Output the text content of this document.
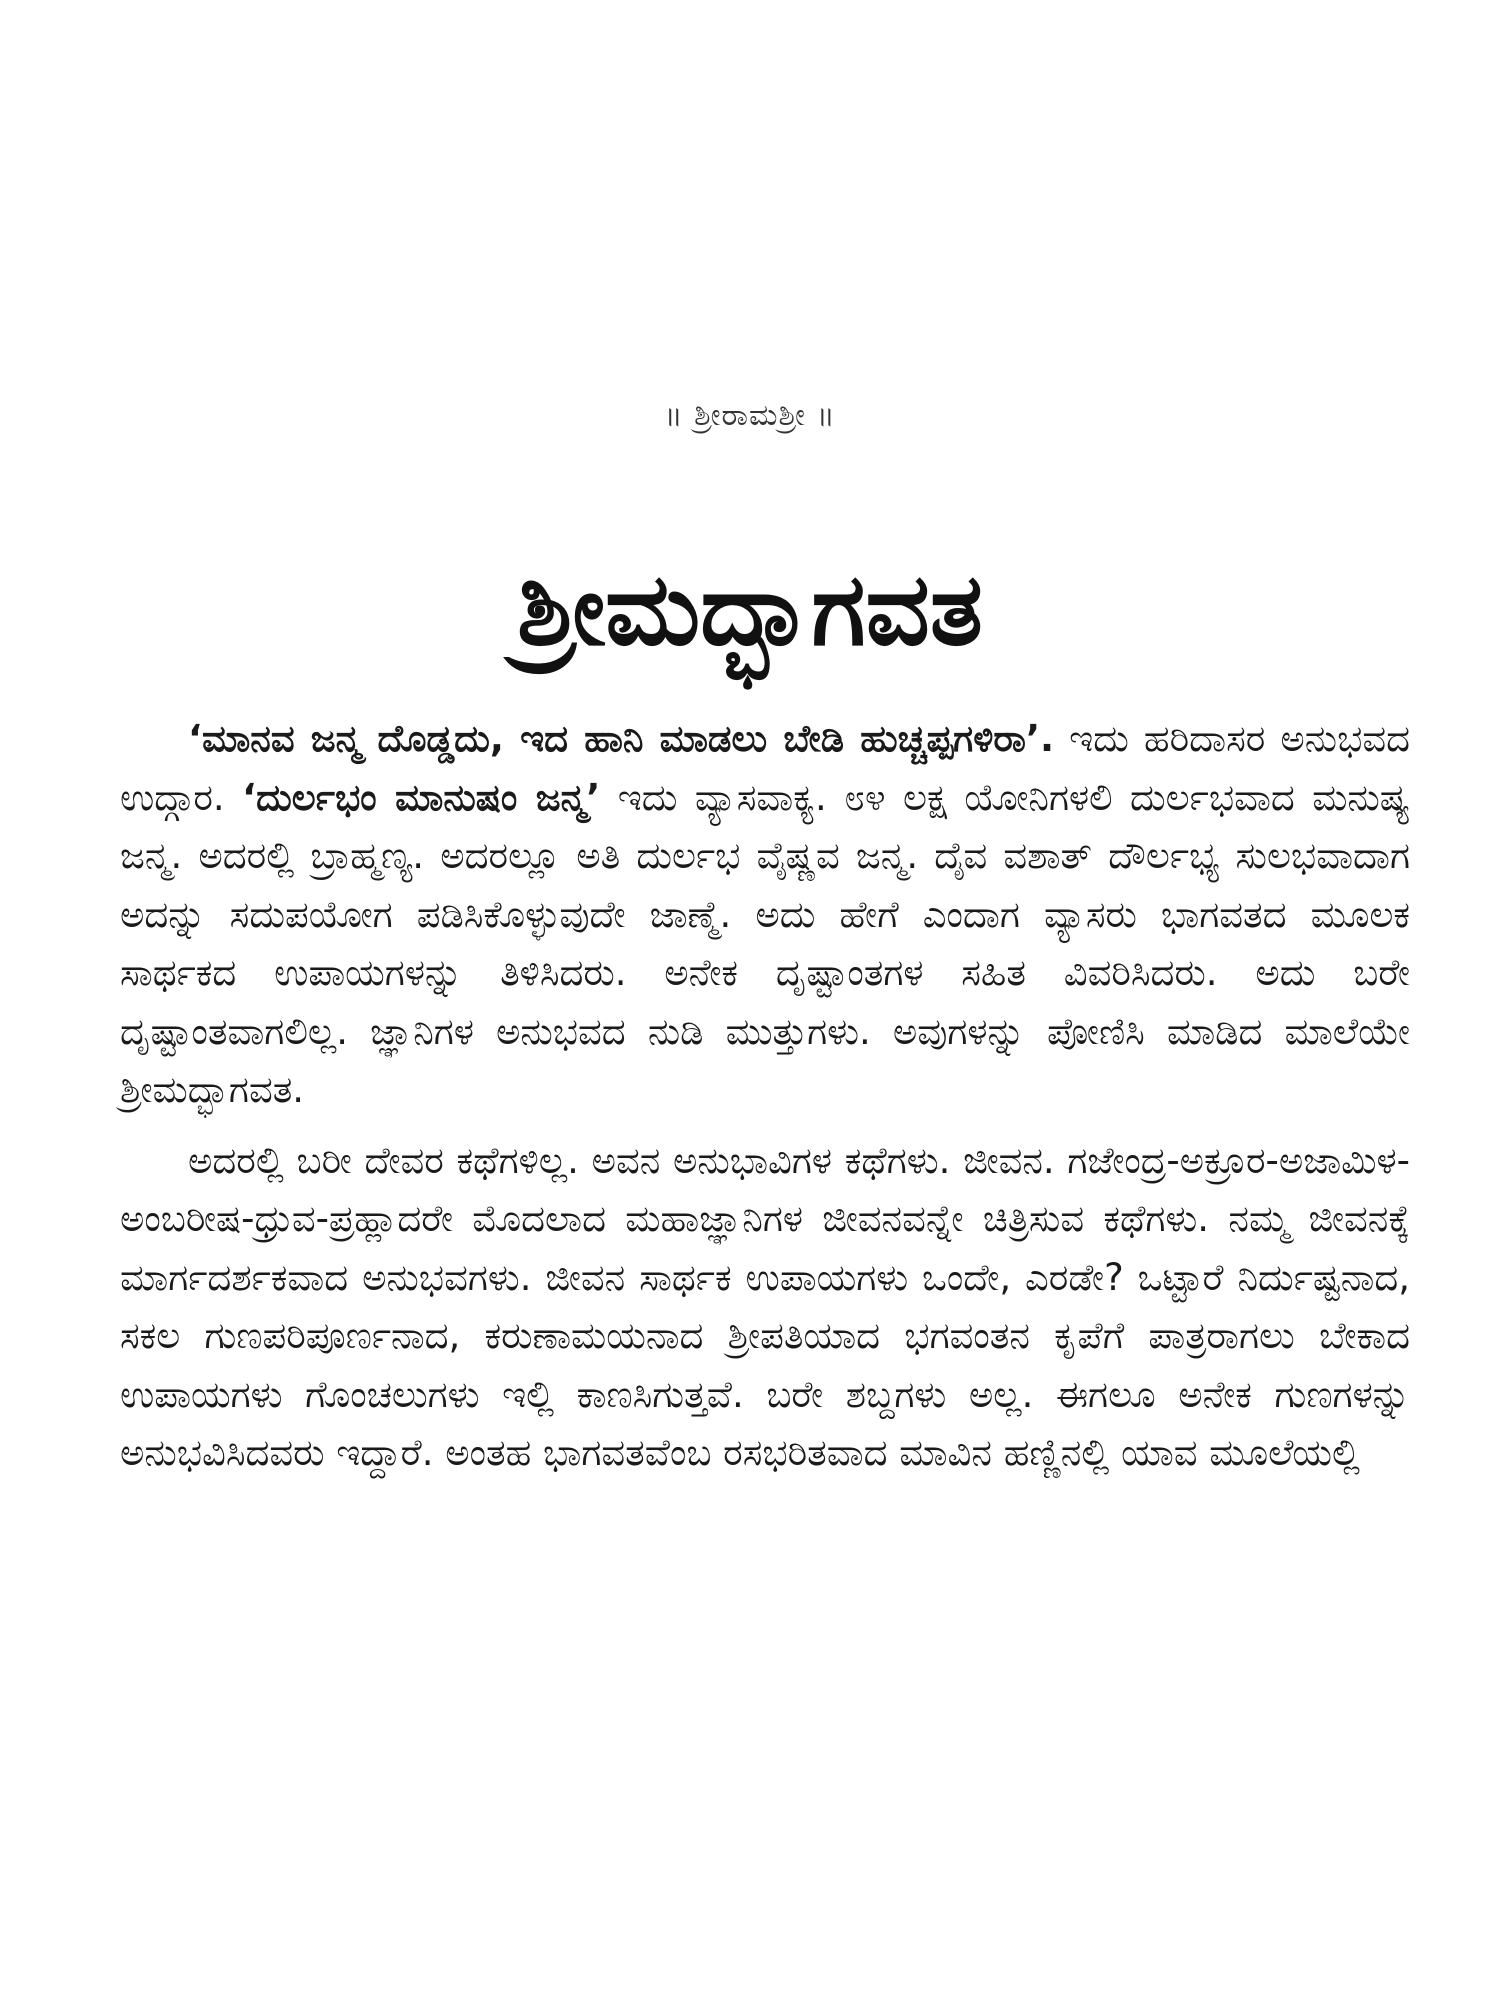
॥ ಶ್ರೀರಾಮಶ್ರೀ ॥
ಶ್ರೀಮದ್ಭಾಗವತ

‘ಮಾನವ ಜನ್ಮ ದೊಡ್ಡದು, ಇದ ಹಾನಿ ಮಾಡಲು ಬೇಡಿ ಹುಚ್ಚಪ್ಪಗಳಿರಾ’. ಇದು ಹರಿದಾಸರ ಅನುಭವದ ಉದ್ಗಾರ. ‘ದುರ್ಲಭಂ ಮಾನುಷಂ ಜನ್ಮ’ ಇದು ವ್ಯಾಸವಾಕ್ಯ. ೮೪ ಲಕ್ಷ ಯೋನಿಗಳಲಿ ದುರ್ಲಭವಾದ ಮನುಷ್ಯ ಜನ್ಮ. ಅದರಲ್ಲಿ ಬ್ರಾಹ್ಮಣ್ಯ. ಅದರಲ್ಲೂ ಅತಿ ದುರ್ಲಭ ವೈಷ್ಣವ ಜನ್ಮ. ದೈವ ವಶಾತ್ ದೌರ್ಲಭ್ಯ ಸುಲಭವಾದಾಗ ಅದನ್ನು ಸದುಪಯೋಗ ಪಡಿಸಿಕೊಳ್ಳುವುದೇ ಜಾಣ್ಮೆ. ಅದು ಹೇಗೆ ಎಂದಾಗ ವ್ಯಾಸರು ಭಾಗವತದ ಮೂಲಕ ಸಾರ್ಥಕದ ಉಪಾಯಗಳನ್ನು ತಿಳಿಸಿದರು. ಅನೇಕ ದೃಷ್ಟಾಂತಗಳ ಸಹಿತ ವಿವರಿಸಿದರು. ಅದು ಬರೇ ದೃಷ್ಟಾಂತವಾಗಲಿಲ್ಲ. ಜ್ಞಾನಿಗಳ ಅನುಭವದ ನುಡಿ ಮುತ್ತುಗಳು. ಅವುಗಳನ್ನು ಪೋಣಿಸಿ ಮಾಡಿದ ಮಾಲೆಯೇ ಶ್ರೀಮದ್ಭಾಗವತ.

ಅದರಲ್ಲಿ ಬರೀ ದೇವರ ಕಥೆಗಳಿಲ್ಲ. ಅವನ ಅನುಭಾವಿಗಳ ಕಥೆಗಳು. ಜೀವನ. ಗಜೇಂದ್ರ-ಅಕ್ರೂರ-ಅಜಾಮಿಳ-ಅಂಬರೀಷ-ಧ್ರುವ-ಪ್ರಹ್ಲಾದರೇ ಮೊದಲಾದ ಮಹಾಜ್ಞಾನಿಗಳ ಜೀವನವನ್ನೇ ಚಿತ್ರಿಸುವ ಕಥೆಗಳು. ನಮ್ಮ ಜೀವನಕ್ಕೆ ಮಾರ್ಗದರ್ಶಕವಾದ ಅನುಭವಗಳು. ಜೀವನ ಸಾರ್ಥಕ ಉಪಾಯಗಳು ಒಂದೇ, ಎರಡೇ? ಒಟ್ಟಾರೆ ನಿರ್ದುಷ್ಟನಾದ, ಸಕಲ ಗುಣಪರಿಪೂರ್ಣನಾದ, ಕರುಣಾಮಯನಾದ ಶ್ರೀಪತಿಯಾದ ಭಗವಂತನ ಕೃಪೆಗೆ ಪಾತ್ರರಾಗಲು ಬೇಕಾದ ಉಪಾಯಗಳು ಗೊಂಚಲುಗಳು ಇಲ್ಲಿ ಕಾಣಸಿಗುತ್ತವೆ. ಬರೇ ಶಬ್ದಗಳು ಅಲ್ಲ. ಈಗಲೂ ಅನೇಕ ಗುಣಗಳನ್ನು ಅನುಭವಿಸಿದವರು ಇದ್ದಾರೆ. ಅಂತಹ ಭಾಗವತವೆಂಬ ರಸಭರಿತವಾದ ಮಾವಿನ ಹಣ್ಣಿನಲ್ಲಿ ಯಾವ ಮೂಲೆಯಲ್ಲಿ
